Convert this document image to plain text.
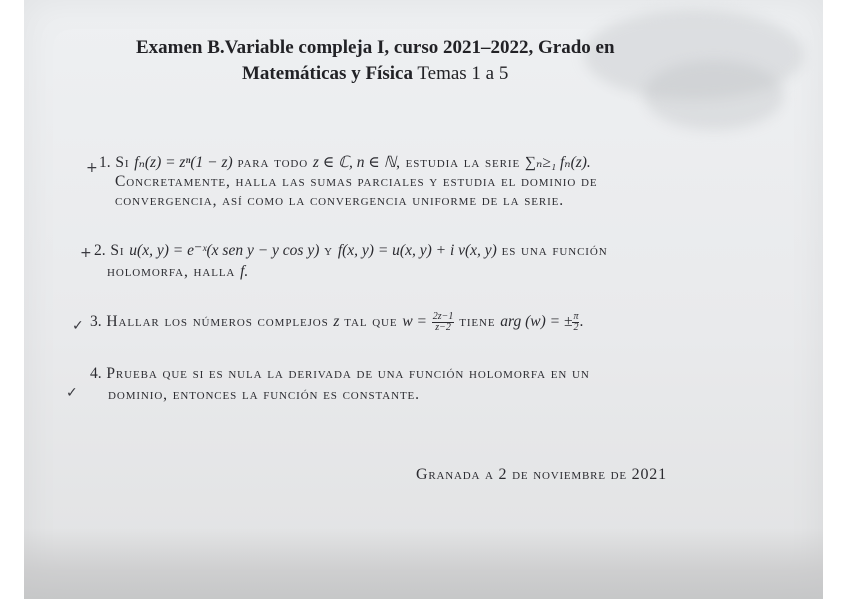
Examen B.Variable compleja I, curso 2021–2022, Grado en
Matemáticas y Física Temas 1 a 5
+ 1. Si fₙ(z) = zⁿ(1 − z) para todo z ∈ ℂ, n ∈ ℕ, estudia la serie ∑ₙ≥₁ fₙ(z).
Concretamente, halla las sumas parciales y estudia el dominio de
convergencia, así como la convergencia uniforme de la serie.
+ 2. Si u(x, y) = e⁻ˣ(x sen y − y cos y) y f(x, y) = u(x, y) + i v(x, y) es una función
holomorfa, halla f.
✓ 3. Hallar los números complejos z tal que $w = \frac{2z-1}{z-2}$ tiene arg (w) = ± $\frac{\pi}{2}$ .
✓
4. Prueba que si es nula la derivada de una función holomorfa en un
dominio, entonces la función es constante.
Granada a 2 de noviembre de 2021
